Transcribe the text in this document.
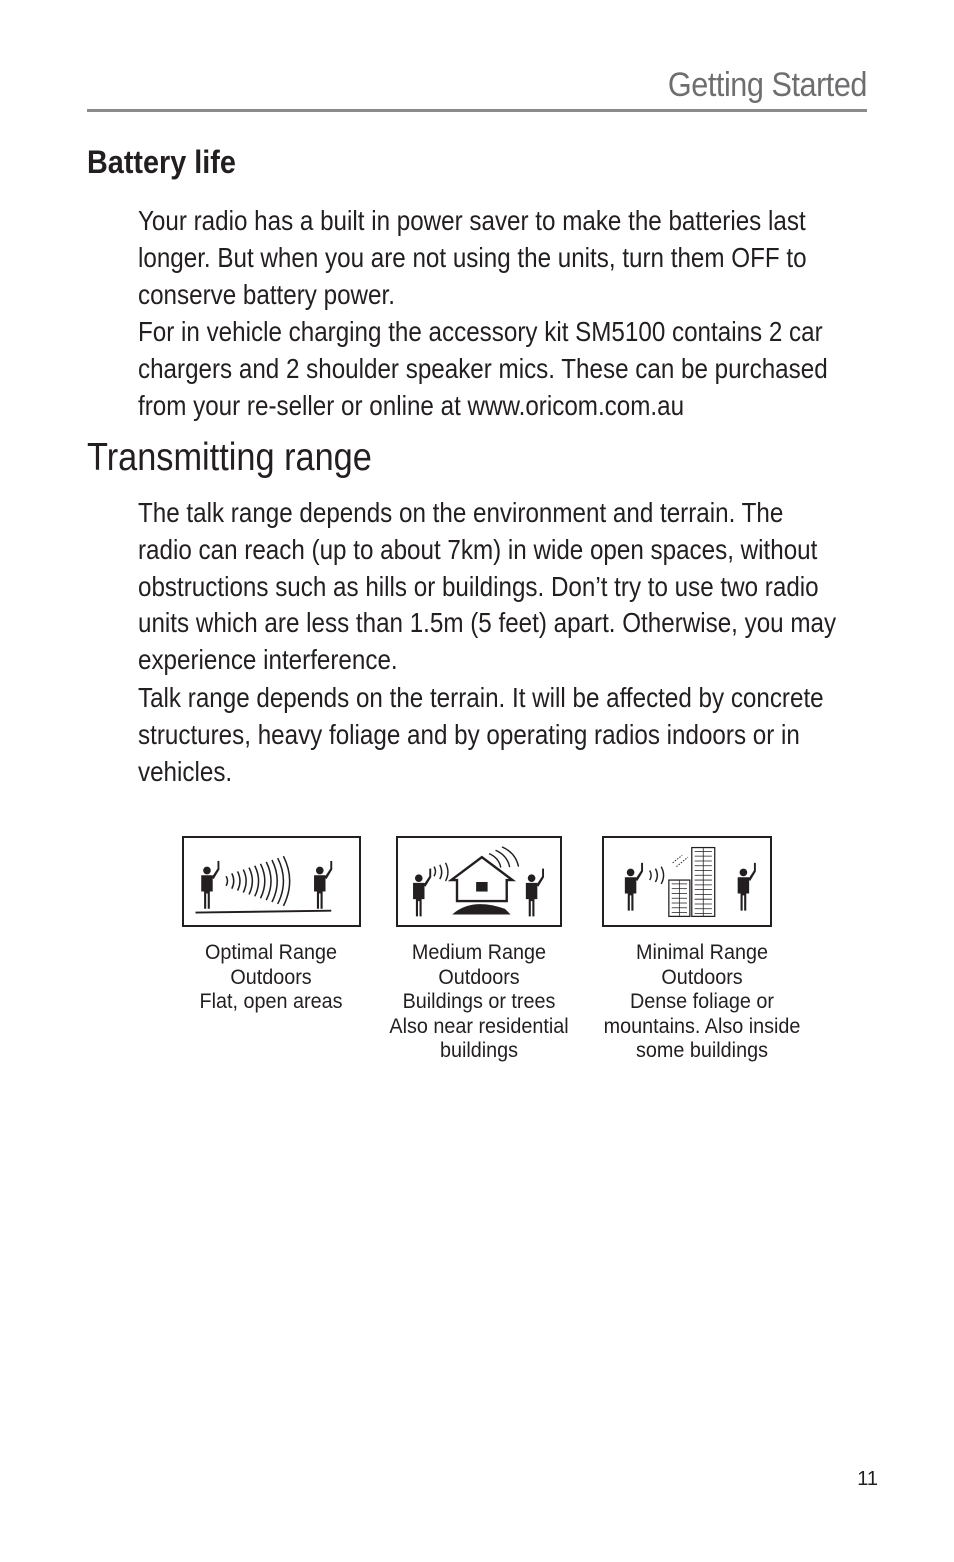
Getting Started
Battery life

Your radio has a built in power saver to make the batteries last
longer. But when you are not using the units, turn them OFF to
conserve battery power.

For in vehicle charging the accessory kit SM5100 contains 2 car
chargers and 2 shoulder speaker mics. These can be purchased
from your re-seller or online at www.oricom.com.au

Transmitting range

The talk range depends on the environment and terrain. The
radio can reach (up to about 7km) in wide open spaces, without
obstructions such as hills or buildings. Don’t try to use two radio
units which are less than 1.5m (5 feet) apart. Otherwise, you may
experience interference.

Talk range depends on the terrain. It will be affected by concrete
structures, heavy foliage and by operating radios indoors or in
vehicles.

Optimal Range
Outdoors
Flat, open areas
Medium Range
Outdoors
Buildings or trees
Also near residential
buildings
Minimal Range
Outdoors
Dense foliage or
mountains. Also inside
some buildings
11
